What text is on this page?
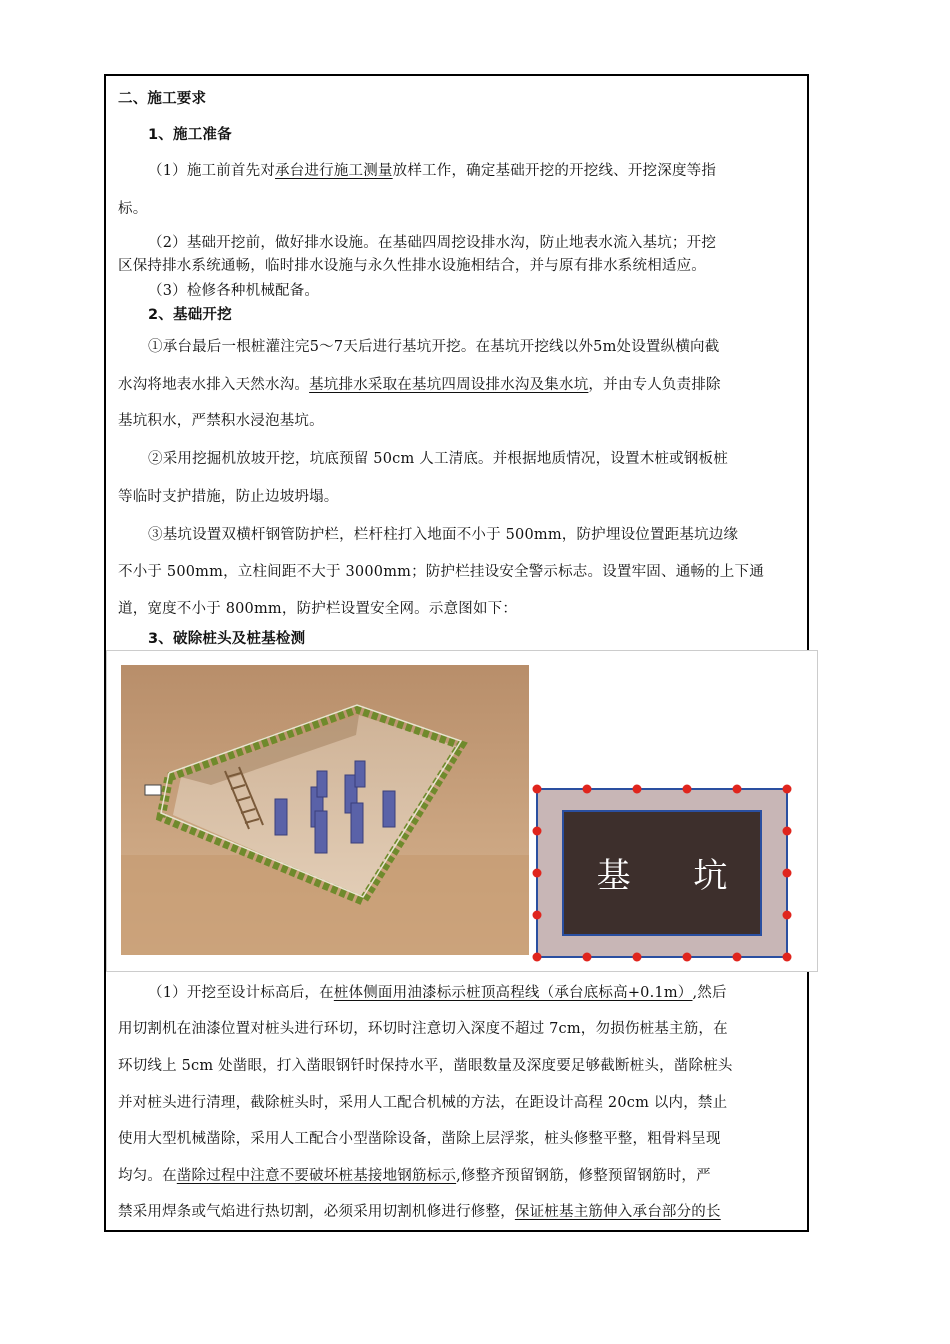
二、施工要求
1、施工准备
（1）施工前首先对承台进行施工测量放样工作，确定基础开挖的开挖线、开挖深度等指
标。
（2）基础开挖前，做好排水设施。在基础四周挖设排水沟，防止地表水流入基坑；开挖
区保持排水系统通畅，临时排水设施与永久性排水设施相结合，并与原有排水系统相适应。
（3）检修各种机械配备。
2、基础开挖
①承台最后一根桩灌注完5～7天后进行基坑开挖。在基坑开挖线以外5m处设置纵横向截
水沟将地表水排入天然水沟。基坑排水采取在基坑四周设排水沟及集水坑，并由专人负责排除
基坑积水，严禁积水浸泡基坑。
②采用挖掘机放坡开挖，坑底预留 50cm 人工清底。并根据地质情况，设置木桩或钢板桩
等临时支护措施，防止边坡坍塌。
③基坑设置双横杆钢管防护栏，栏杆柱打入地面不小于 500mm，防护埋设位置距基坑边缘
不小于 500mm，立柱间距不大于 3000mm；防护栏挂设安全警示标志。设置牢固、通畅的上下通
道，宽度不小于 800mm，防护栏设置安全网。示意图如下：
3、破除桩头及桩基检测
基 坑
（1）开挖至设计标高后，在桩体侧面用油漆标示桩顶高程线（承台底标高+0.1m）,然后
用切割机在油漆位置对桩头进行环切，环切时注意切入深度不超过 7cm，勿损伤桩基主筋，在
环切线上 5cm 处凿眼，打入凿眼钢钎时保持水平，凿眼数量及深度要足够截断桩头，凿除桩头
并对桩头进行清理，截除桩头时，采用人工配合机械的方法，在距设计高程 20cm 以内，禁止
使用大型机械凿除，采用人工配合小型凿除设备，凿除上层浮浆，桩头修整平整，粗骨料呈现
均匀。在凿除过程中注意不要破坏桩基接地钢筋标示,修整齐预留钢筋，修整预留钢筋时，严
禁采用焊条或气焰进行热切割，必须采用切割机修进行修整，保证桩基主筋伸入承台部分的长
